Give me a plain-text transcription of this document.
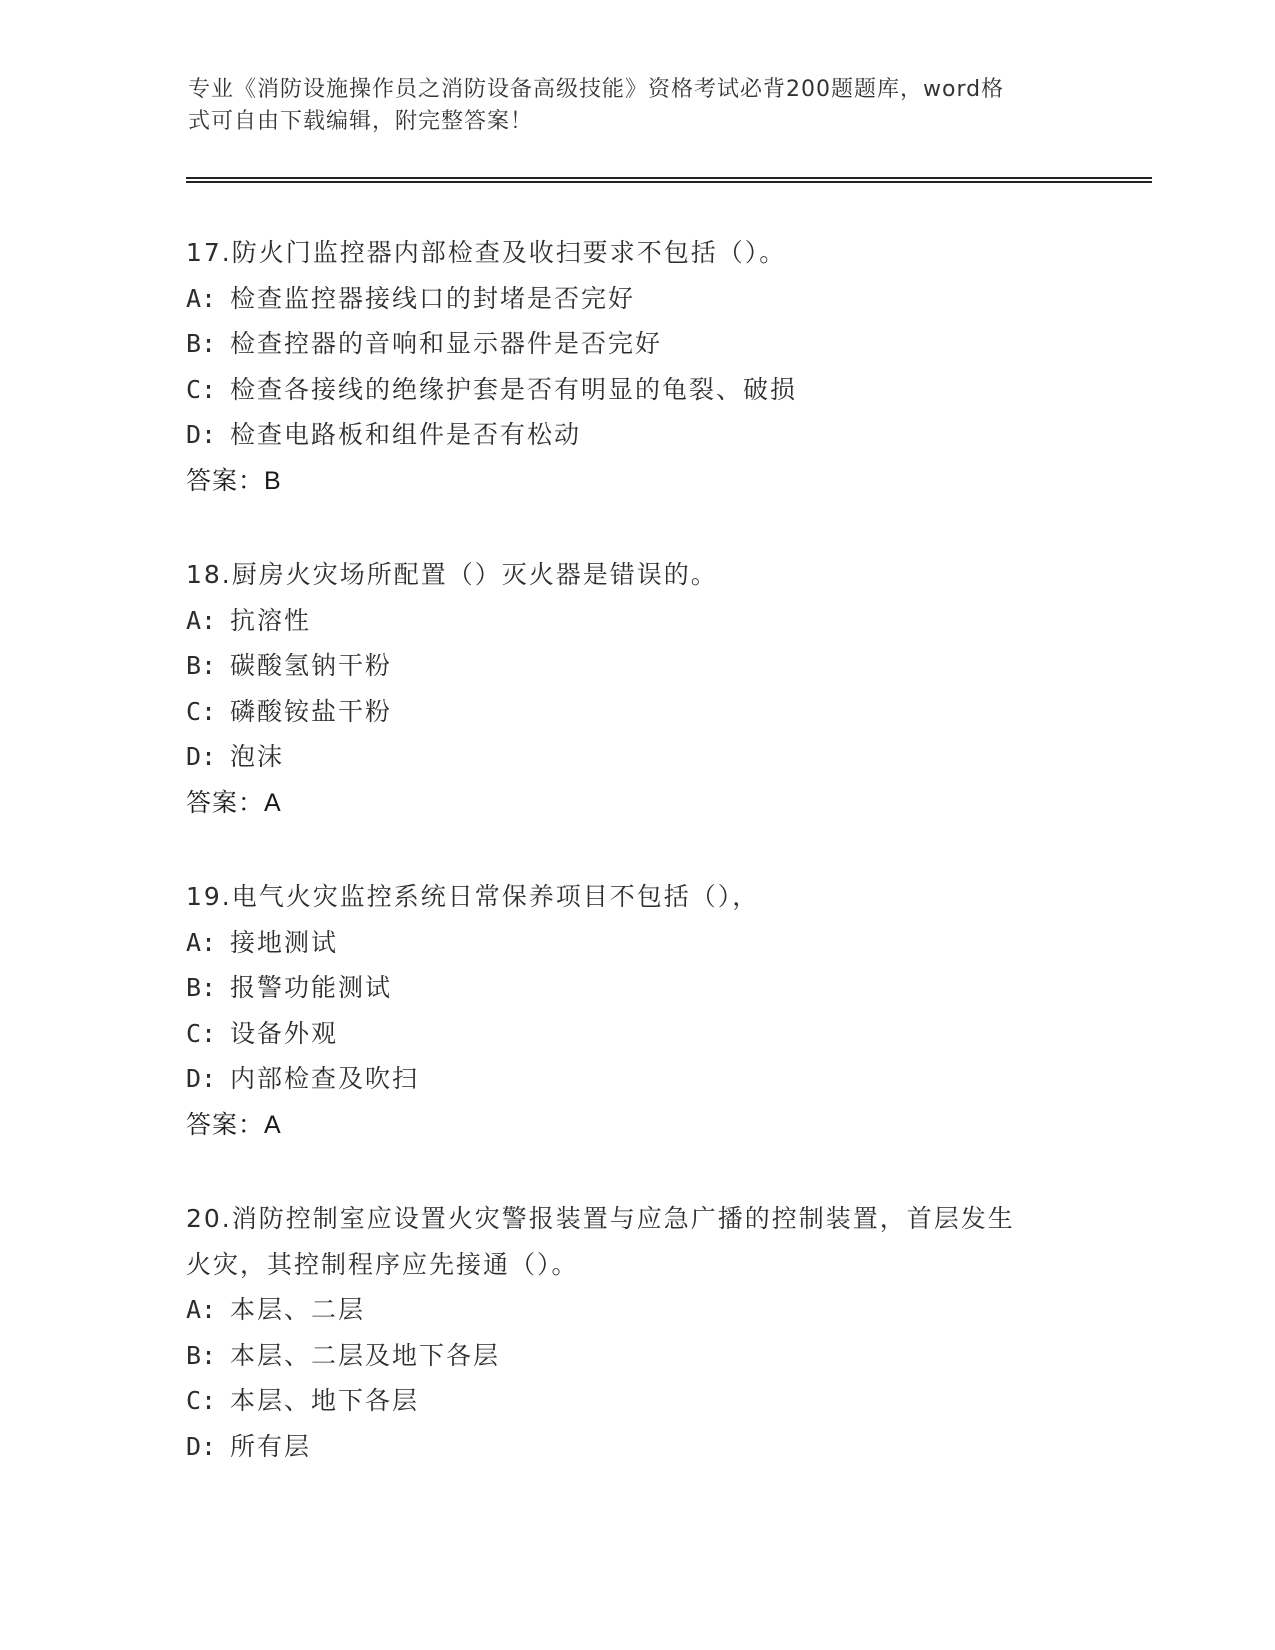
专业《消防设施操作员之消防设备高级技能》资格考试必背200题题库，word格
式可自由下载编辑，附完整答案！
17.防火门监控器内部检查及收扫要求不包括（）。
A: 检查监控器接线口的封堵是否完好
B: 检查控器的音响和显示器件是否完好
C: 检查各接线的绝缘护套是否有明显的龟裂、破损
D: 检查电路板和组件是否有松动
答案：B
18.厨房火灾场所配置（）灭火器是错误的。
A: 抗溶性
B: 碳酸氢钠干粉
C: 磷酸铵盐干粉
D: 泡沫
答案：A
19.电气火灾监控系统日常保养项目不包括（），
A: 接地测试
B: 报警功能测试
C: 设备外观
D: 内部检查及吹扫
答案：A
20.消防控制室应设置火灾警报装置与应急广播的控制装置，首层发生
火灾，其控制程序应先接通（）。
A: 本层、二层
B: 本层、二层及地下各层
C: 本层、地下各层
D: 所有层
